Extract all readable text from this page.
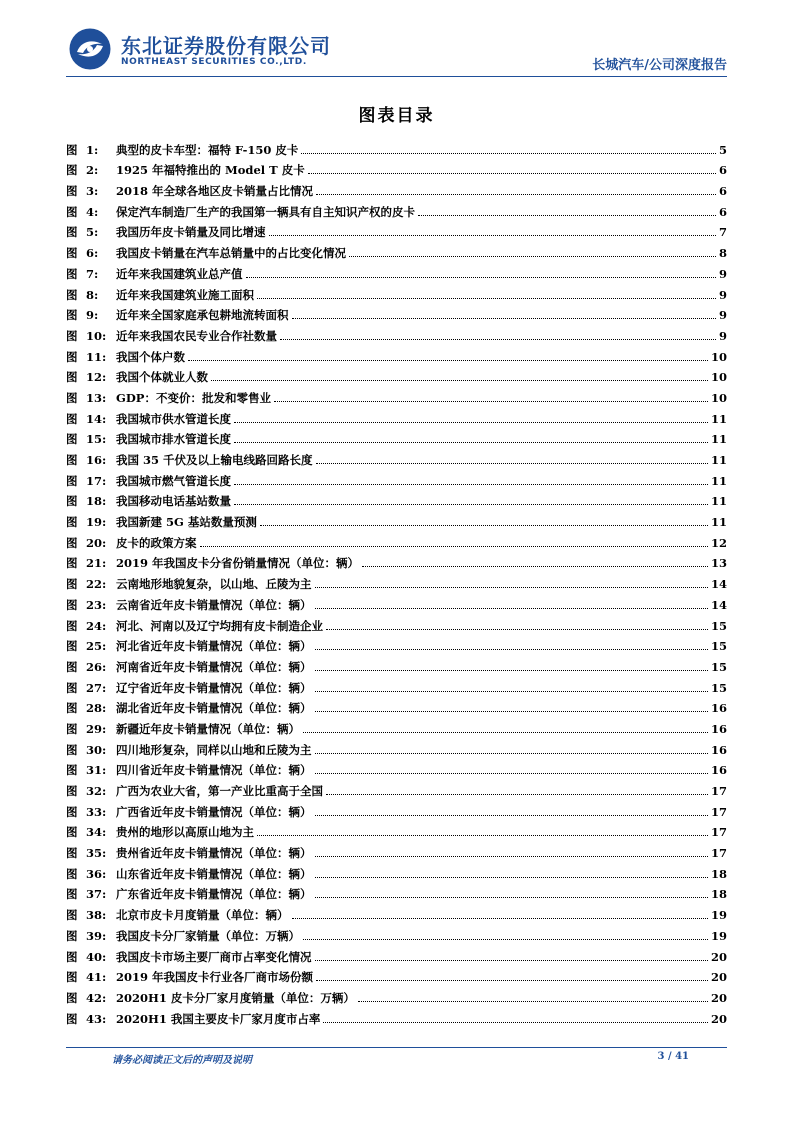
东北证券股份有限公司
NORTHEAST SECURITIES CO.,LTD.	长城汽车/公司深度报告
图表目录
图 1:	典型的皮卡车型：福特 F-150 皮卡	5
图 2:	1925 年福特推出的 Model T 皮卡	6
图 3:	2018 年全球各地区皮卡销量占比情况	6
图 4:	保定汽车制造厂生产的我国第一辆具有自主知识产权的皮卡	6
图 5:	我国历年皮卡销量及同比增速	7
图 6:	我国皮卡销量在汽车总销量中的占比变化情况	8
图 7:	近年来我国建筑业总产值	9
图 8:	近年来我国建筑业施工面积	9
图 9:	近年来全国家庭承包耕地流转面积	9
图 10: 近年来我国农民专业合作社数量	9
图 11: 我国个体户数	10
图 12: 我国个体就业人数	10
图 13: GDP：不变价：批发和零售业	10
图 14: 我国城市供水管道长度	11
图 15: 我国城市排水管道长度	11
图 16: 我国 35 千伏及以上输电线路回路长度	11
图 17: 我国城市燃气管道长度	11
图 18: 我国移动电话基站数量	11
图 19: 我国新建 5G 基站数量预测	11
图 20: 皮卡的政策方案	12
图 21: 2019 年我国皮卡分省份销量情况（单位：辆）	13
图 22: 云南地形地貌复杂，以山地、丘陵为主	14
图 23: 云南省近年皮卡销量情况（单位：辆）	14
图 24: 河北、河南以及辽宁均拥有皮卡制造企业	15
图 25: 河北省近年皮卡销量情况（单位：辆）	15
图 26: 河南省近年皮卡销量情况（单位：辆）	15
图 27: 辽宁省近年皮卡销量情况（单位：辆）	15
图 28: 湖北省近年皮卡销量情况（单位：辆）	16
图 29: 新疆近年皮卡销量情况（单位：辆）	16
图 30: 四川地形复杂，同样以山地和丘陵为主	16
图 31: 四川省近年皮卡销量情况（单位：辆）	16
图 32: 广西为农业大省，第一产业比重高于全国	17
图 33: 广西省近年皮卡销量情况（单位：辆）	17
图 34: 贵州的地形以高原山地为主	17
图 35: 贵州省近年皮卡销量情况（单位：辆）	17
图 36: 山东省近年皮卡销量情况（单位：辆）	18
图 37: 广东省近年皮卡销量情况（单位：辆）	18
图 38: 北京市皮卡月度销量（单位：辆）	19
图 39: 我国皮卡分厂家销量（单位：万辆）	19
图 40: 我国皮卡市场主要厂商市占率变化情况	20
图 41: 2019 年我国皮卡行业各厂商市场份额	20
图 42: 2020H1 皮卡分厂家月度销量（单位：万辆）	20
图 43: 2020H1 我国主要皮卡厂家月度市占率	20
请务必阅读正文后的声明及说明	3 / 41
